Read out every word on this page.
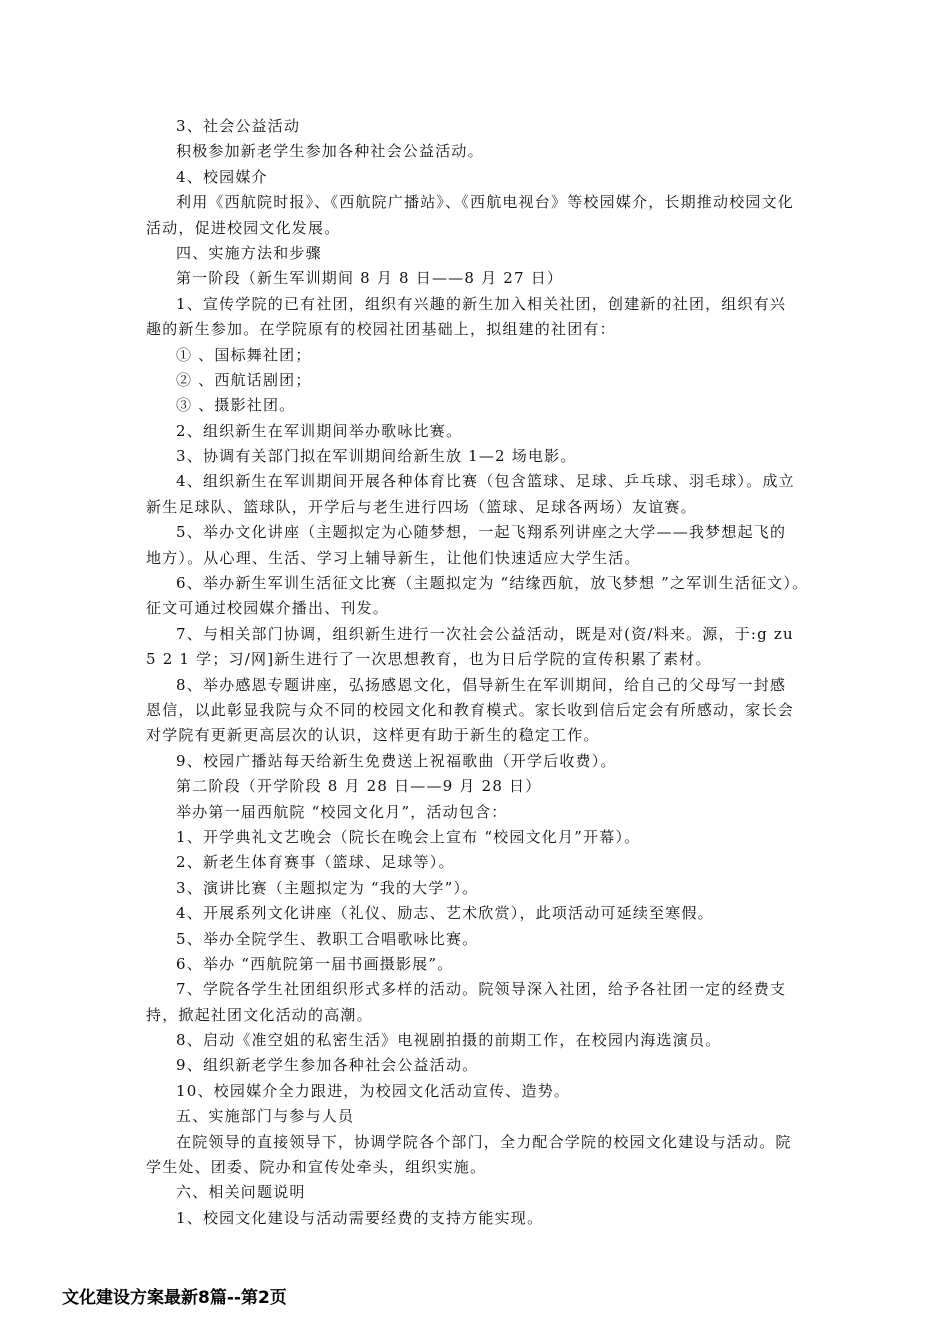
3、社会公益活动
积极参加新老学生参加各种社会公益活动。
4、校园媒介
利用《西航院时报》、《西航院广播站》、《西航电视台》等校园媒介，长期推动校园文化
活动，促进校园文化发展。
四、实施方法和步骤
第一阶段（新生军训期间 8 月 8 日——8 月 27 日）
1、宣传学院的已有社团，组织有兴趣的新生加入相关社团，创建新的社团，组织有兴
趣的新生参加。在学院原有的校园社团基础上，拟组建的社团有：
① 、国标舞社团；
② 、西航话剧团；
③ 、摄影社团。
2、组织新生在军训期间举办歌咏比赛。
3、协调有关部门拟在军训期间给新生放 1—2 场电影。
4、组织新生在军训期间开展各种体育比赛（包含篮球、足球、乒乓球、羽毛球）。成立
新生足球队、篮球队，开学后与老生进行四场（篮球、足球各两场）友谊赛。
5、举办文化讲座（主题拟定为心随梦想，一起飞翔系列讲座之大学——我梦想起飞的
地方）。从心理、生活、学习上辅导新生，让他们快速适应大学生活。
6、举办新生军训生活征文比赛（主题拟定为 “结缘西航，放飞梦想 ”之军训生活征文）。
征文可通过校园媒介播出、刊发。
7、与相关部门协调，组织新生进行一次社会公益活动，既是对(资/料来。源，于:g zu
5 2 1 学；习/网]新生进行了一次思想教育，也为日后学院的宣传积累了素材。
8、举办感恩专题讲座，弘扬感恩文化，倡导新生在军训期间，给自己的父母写一封感
恩信，以此彰显我院与众不同的校园文化和教育模式。家长收到信后定会有所感动，家长会
对学院有更新更高层次的认识，这样更有助于新生的稳定工作。
9、校园广播站每天给新生免费送上祝福歌曲（开学后收费）。
第二阶段（开学阶段 8 月 28 日——9 月 28 日）
举办第一届西航院 “校园文化月”，活动包含：
1、开学典礼文艺晚会（院长在晚会上宣布 “校园文化月”开幕）。
2、新老生体育赛事（篮球、足球等）。
3、演讲比赛（主题拟定为 “我的大学”）。
4、开展系列文化讲座（礼仪、励志、艺术欣赏），此项活动可延续至寒假。
5、举办全院学生、教职工合唱歌咏比赛。
6、举办 “西航院第一届书画摄影展”。
7、学院各学生社团组织形式多样的活动。院领导深入社团，给予各社团一定的经费支
持，掀起社团文化活动的高潮。
8、启动《准空姐的私密生活》电视剧拍摄的前期工作，在校园内海选演员。
9、组织新老学生参加各种社会公益活动。
10、校园媒介全力跟进，为校园文化活动宣传、造势。
五、实施部门与参与人员
在院领导的直接领导下，协调学院各个部门，全力配合学院的校园文化建设与活动。院
学生处、团委、院办和宣传处牵头，组织实施。
六、相关问题说明
1、校园文化建设与活动需要经费的支持方能实现。
文化建设方案最新8篇--第2页
